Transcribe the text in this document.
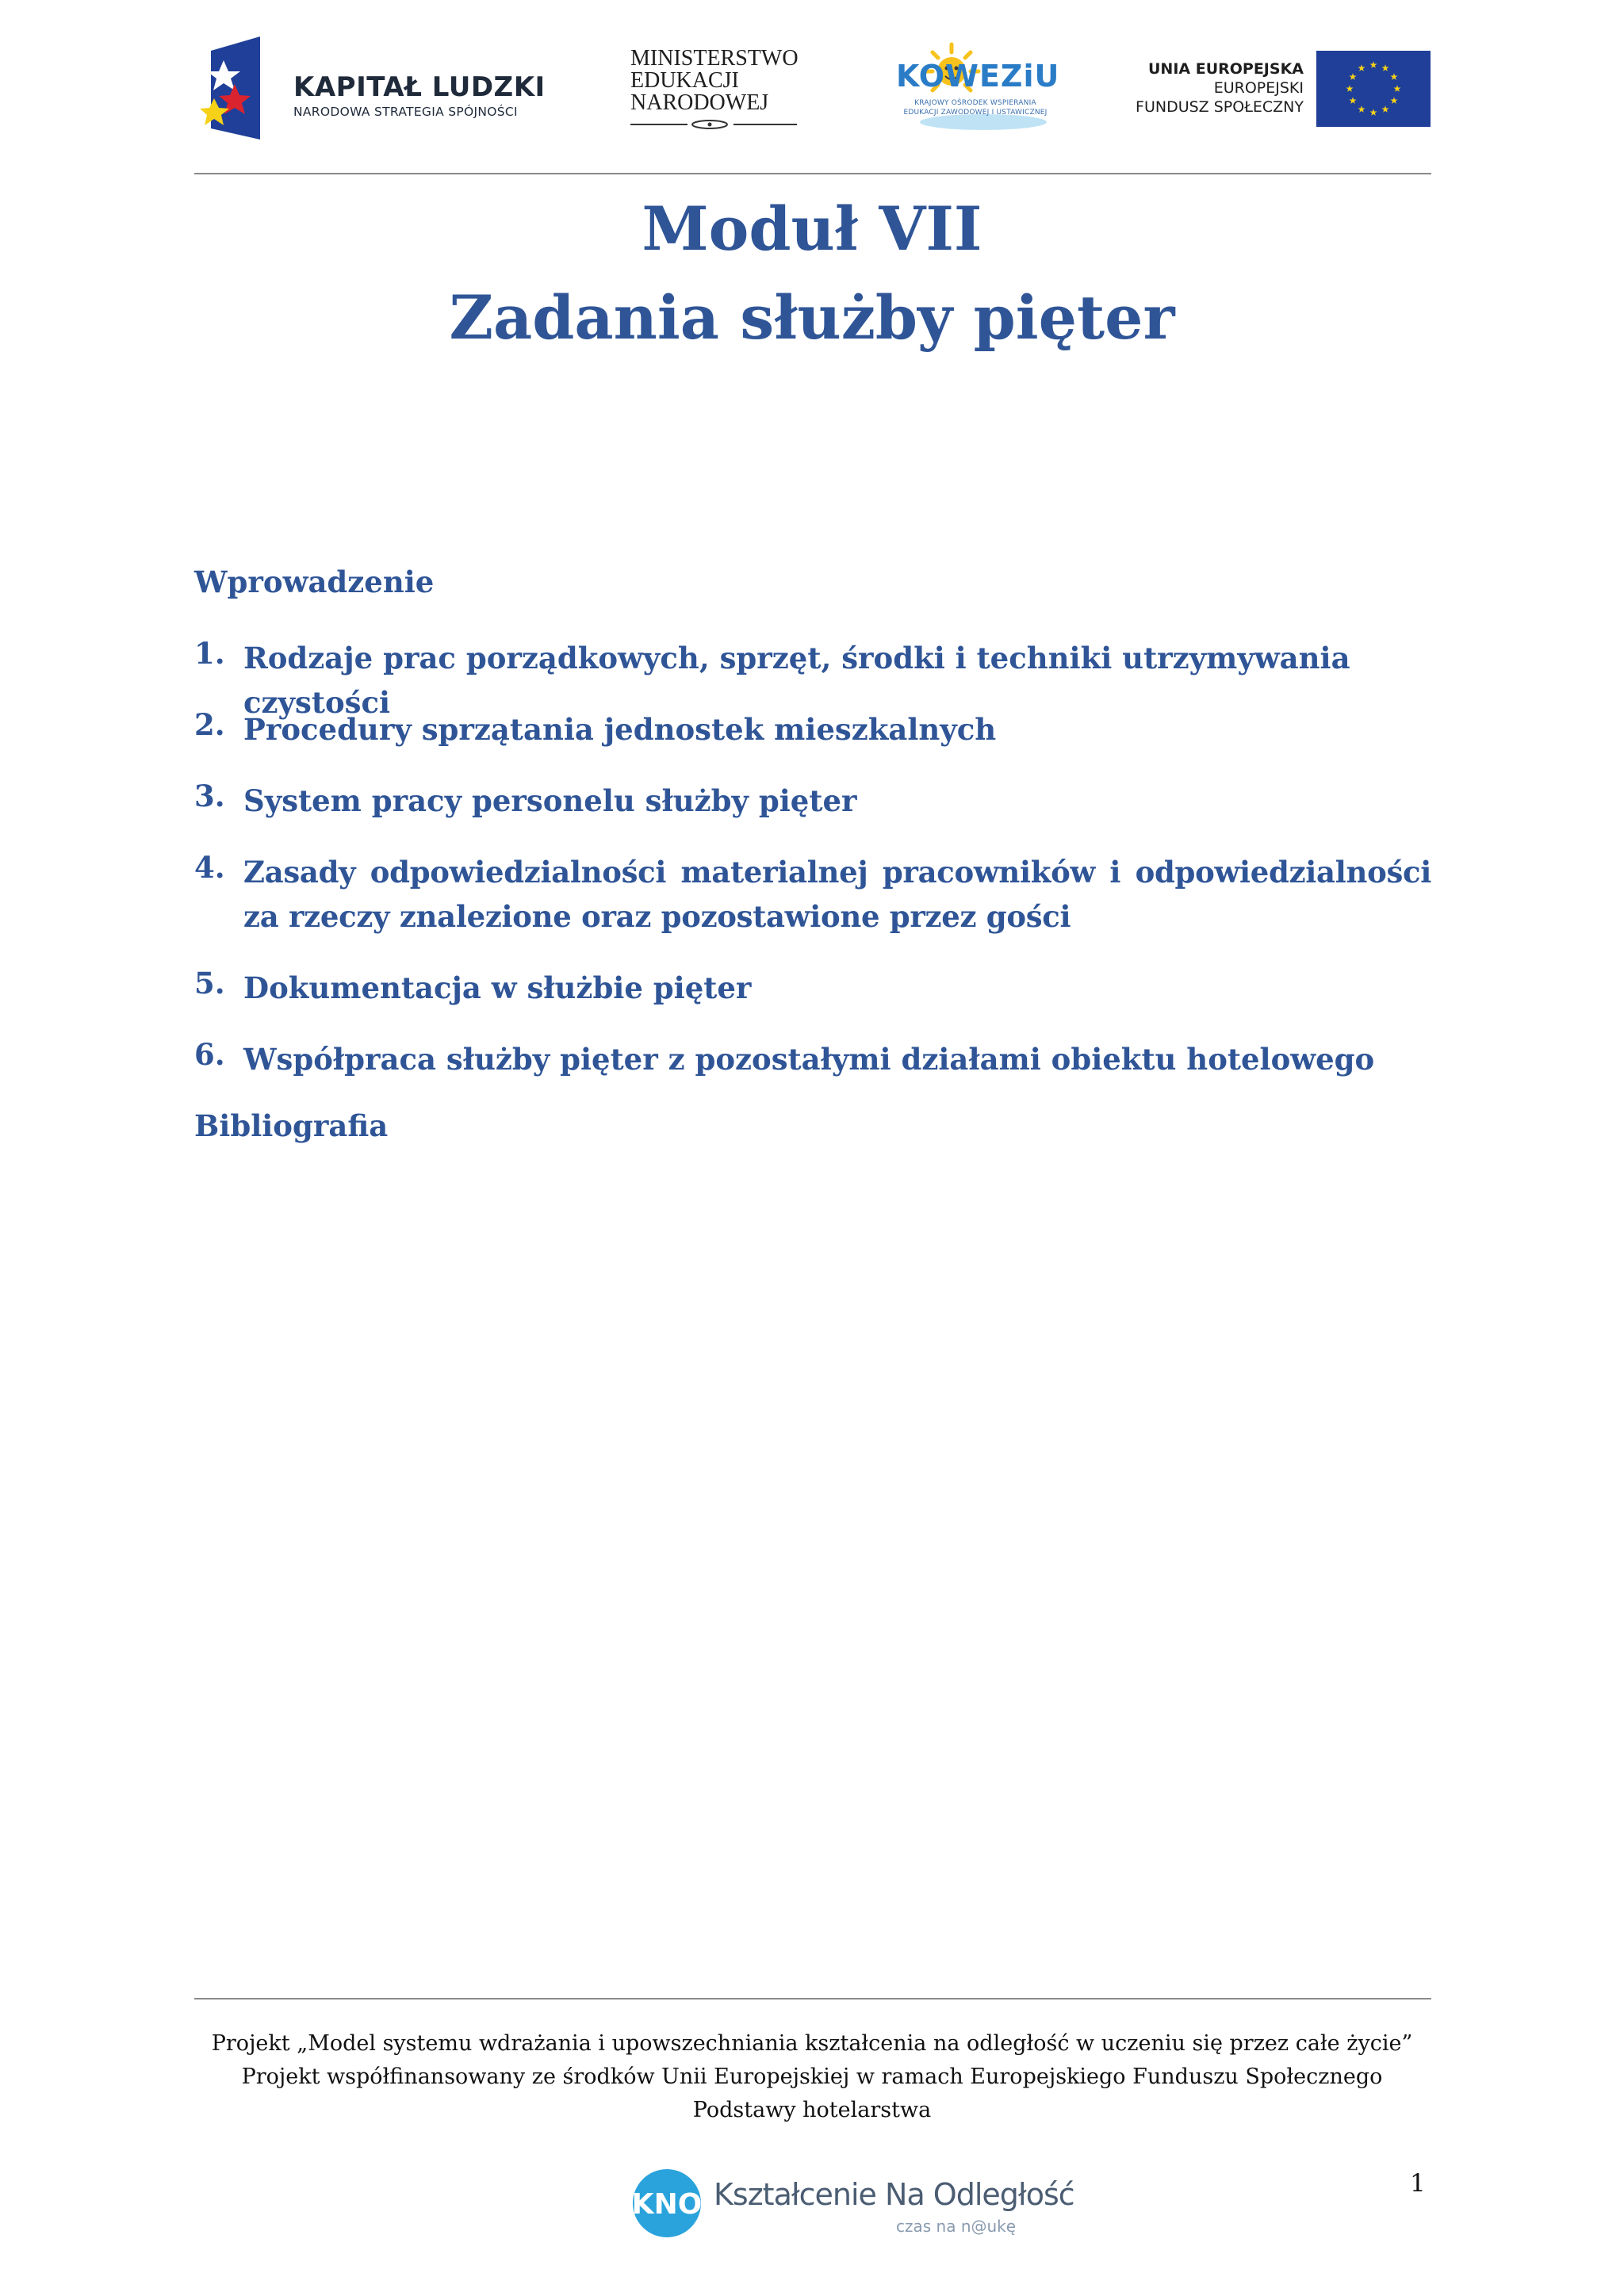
KAPITAŁ LUDZKI
NARODOWA STRATEGIA SPÓJNOŚCI
MINISTERSTWO
EDUKACJI
NARODOWEJ
KOWEZiU
KRAJOWY OŚRODEK WSPIERANIA
EDUKACJI ZAWODOWEJ I USTAWICZNEJ
UNIA EUROPEJSKA
EUROPEJSKI
FUNDUSZ SPOŁECZNY
Moduł VII
Zadania służby pięter
Wprowadzenie
1. Rodzaje prac porządkowych, sprzęt, środki i techniki utrzymywania czystości
2. Procedury sprzątania jednostek mieszkalnych
3. System pracy personelu służby pięter
4. Zasady odpowiedzialności materialnej pracowników i odpowiedzialności za rzeczy znalezione oraz pozostawione przez gości
5. Dokumentacja w służbie pięter
6. Współpraca służby pięter z pozostałymi działami obiektu hotelowego
Bibliografia
Projekt „Model systemu wdrażania i upowszechniania kształcenia na odległość w uczeniu się przez całe życie”
Projekt współfinansowany ze środków Unii Europejskiej w ramach Europejskiego Funduszu Społecznego
Podstawy hotelarstwa
KNO Kształcenie Na Odległość
czas na n@ukę
1
